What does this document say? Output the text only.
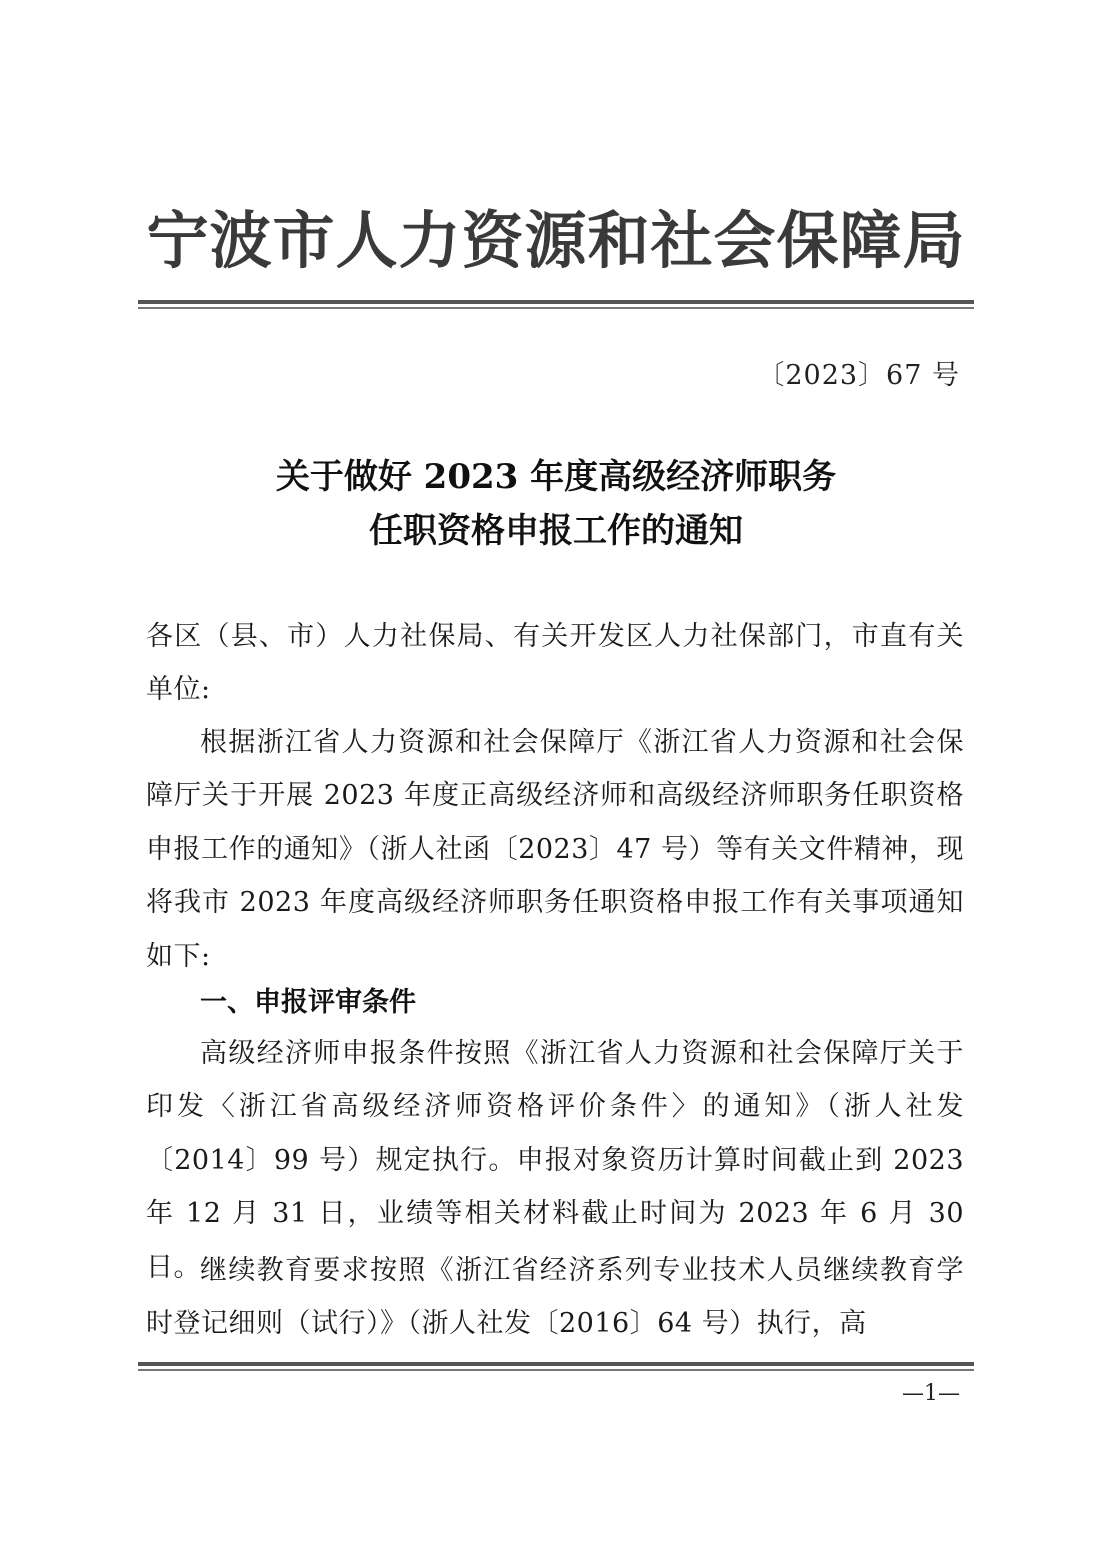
宁波市人力资源和社会保障局
〔2023〕67 号
关于做好 2023 年度高级经济师职务
任职资格申报工作的通知
各区（县、市）人力社保局、有关开发区人力社保部门，市直有关单位:
根据浙江省人力资源和社会保障厅《浙江省人力资源和社会保障厅关于开展 2023 年度正高级经济师和高级经济师职务任职资格申报工作的通知》（浙人社函〔2023〕47 号）等有关文件精神，现将我市 2023 年度高级经济师职务任职资格申报工作有关事项通知如下:
一、申报评审条件
高级经济师申报条件按照《浙江省人力资源和社会保障厅关于印发〈浙江省高级经济师资格评价条件〉的通知》（浙人社发〔2014〕99 号）规定执行。申报对象资历计算时间截止到 2023 年 12 月 31 日，业绩等相关材料截止时间为 2023 年 6 月 30 日。 继续教育要求按照《浙江省经济系列专业技术人员继续教育学时登记细则（试行）》（浙人社发〔2016〕64 号）执行，高
—1—
